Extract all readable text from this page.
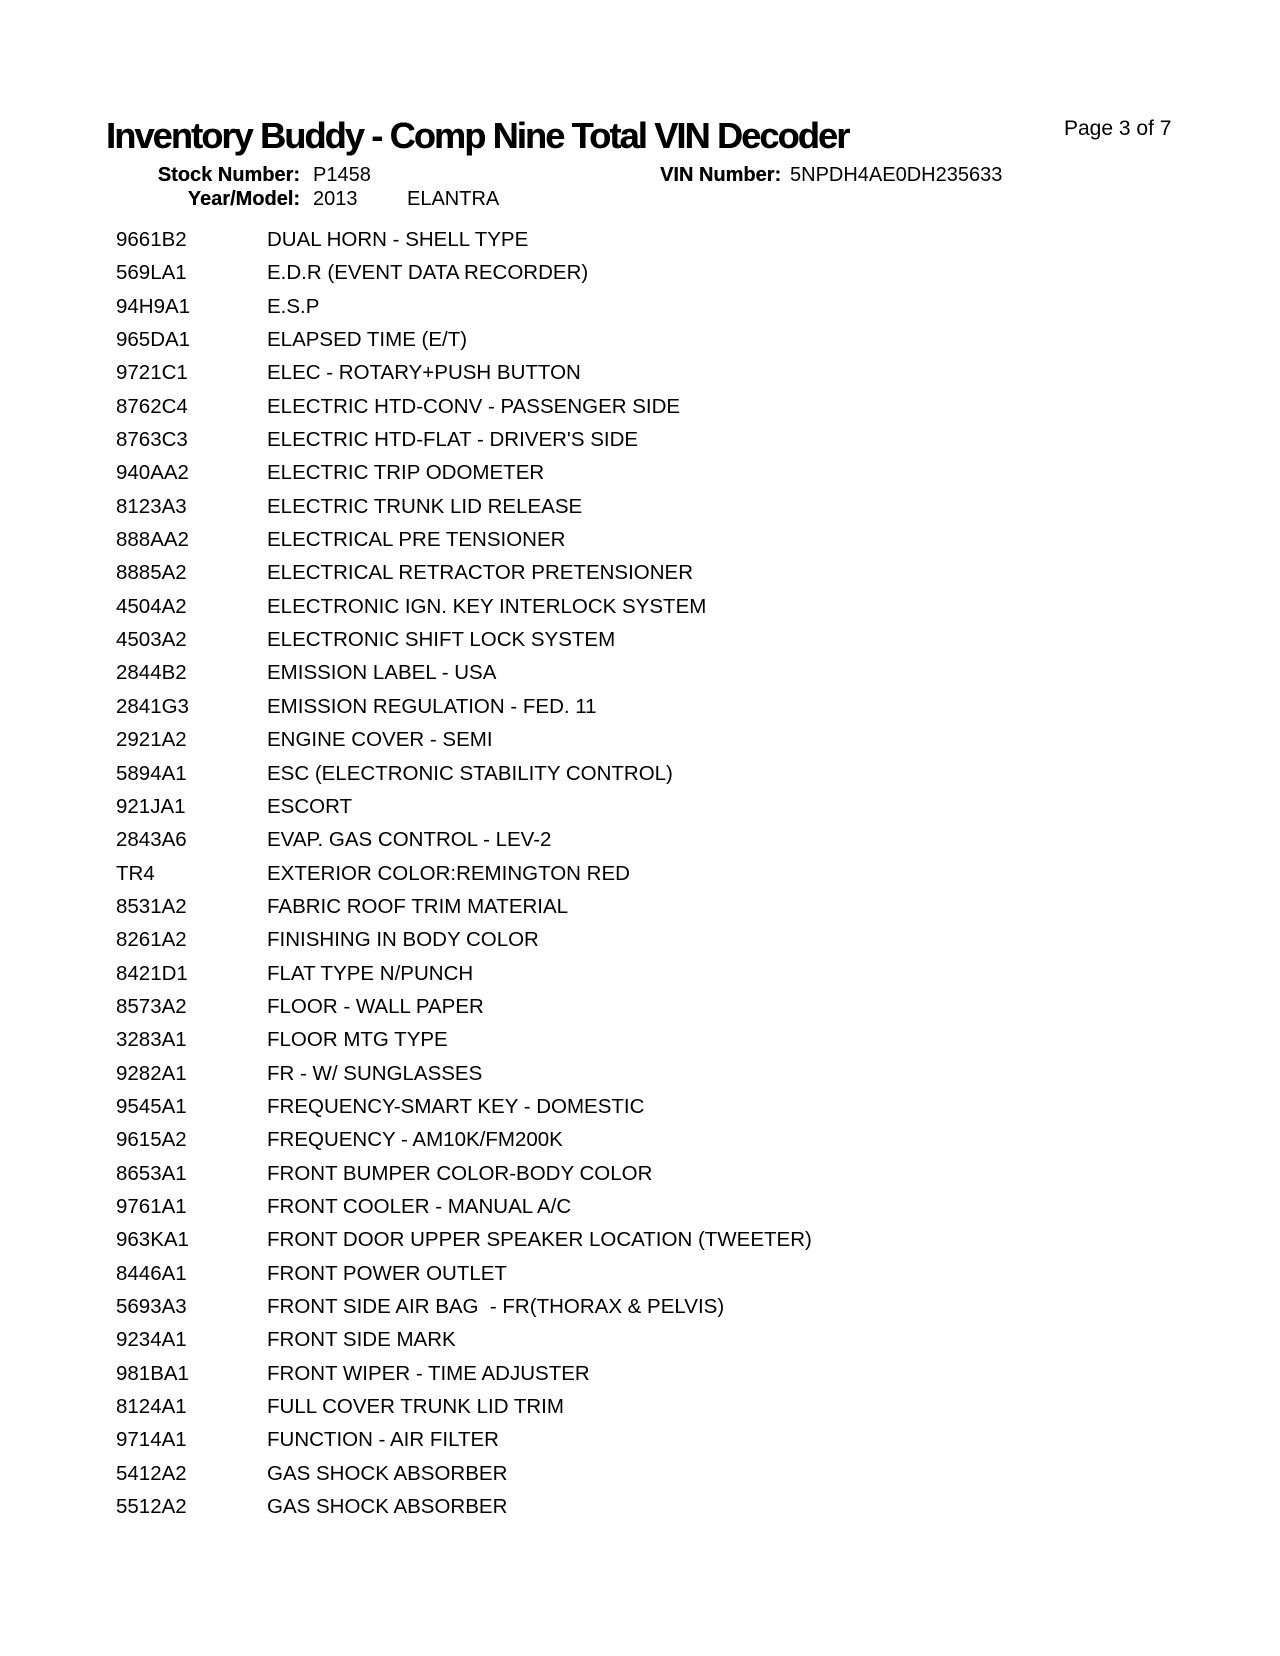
Inventory Buddy - Comp Nine Total VIN Decoder	Page 3 of 7
Stock Number: P1458	VIN Number: 5NPDH4AE0DH235633
Year/Model: 2013 ELANTRA
9661B2	DUAL HORN - SHELL TYPE
569LA1	E.D.R (EVENT DATA RECORDER)
94H9A1	E.S.P
965DA1	ELAPSED TIME (E/T)
9721C1	ELEC - ROTARY+PUSH BUTTON
8762C4	ELECTRIC HTD-CONV - PASSENGER SIDE
8763C3	ELECTRIC HTD-FLAT - DRIVER'S SIDE
940AA2	ELECTRIC TRIP ODOMETER
8123A3	ELECTRIC TRUNK LID RELEASE
888AA2	ELECTRICAL PRE TENSIONER
8885A2	ELECTRICAL RETRACTOR PRETENSIONER
4504A2	ELECTRONIC IGN. KEY INTERLOCK SYSTEM
4503A2	ELECTRONIC SHIFT LOCK SYSTEM
2844B2	EMISSION LABEL - USA
2841G3	EMISSION REGULATION - FED. 11
2921A2	ENGINE COVER - SEMI
5894A1	ESC (ELECTRONIC STABILITY CONTROL)
921JA1	ESCORT
2843A6	EVAP. GAS CONTROL - LEV-2
TR4	EXTERIOR COLOR:REMINGTON RED
8531A2	FABRIC ROOF TRIM MATERIAL
8261A2	FINISHING IN BODY COLOR
8421D1	FLAT TYPE N/PUNCH
8573A2	FLOOR - WALL PAPER
3283A1	FLOOR MTG TYPE
9282A1	FR - W/ SUNGLASSES
9545A1	FREQUENCY-SMART KEY - DOMESTIC
9615A2	FREQUENCY - AM10K/FM200K
8653A1	FRONT BUMPER COLOR-BODY COLOR
9761A1	FRONT COOLER - MANUAL A/C
963KA1	FRONT DOOR UPPER SPEAKER LOCATION (TWEETER)
8446A1	FRONT POWER OUTLET
5693A3	FRONT SIDE AIR BAG  - FR(THORAX & PELVIS)
9234A1	FRONT SIDE MARK
981BA1	FRONT WIPER - TIME ADJUSTER
8124A1	FULL COVER TRUNK LID TRIM
9714A1	FUNCTION - AIR FILTER
5412A2	GAS SHOCK ABSORBER
5512A2	GAS SHOCK ABSORBER
